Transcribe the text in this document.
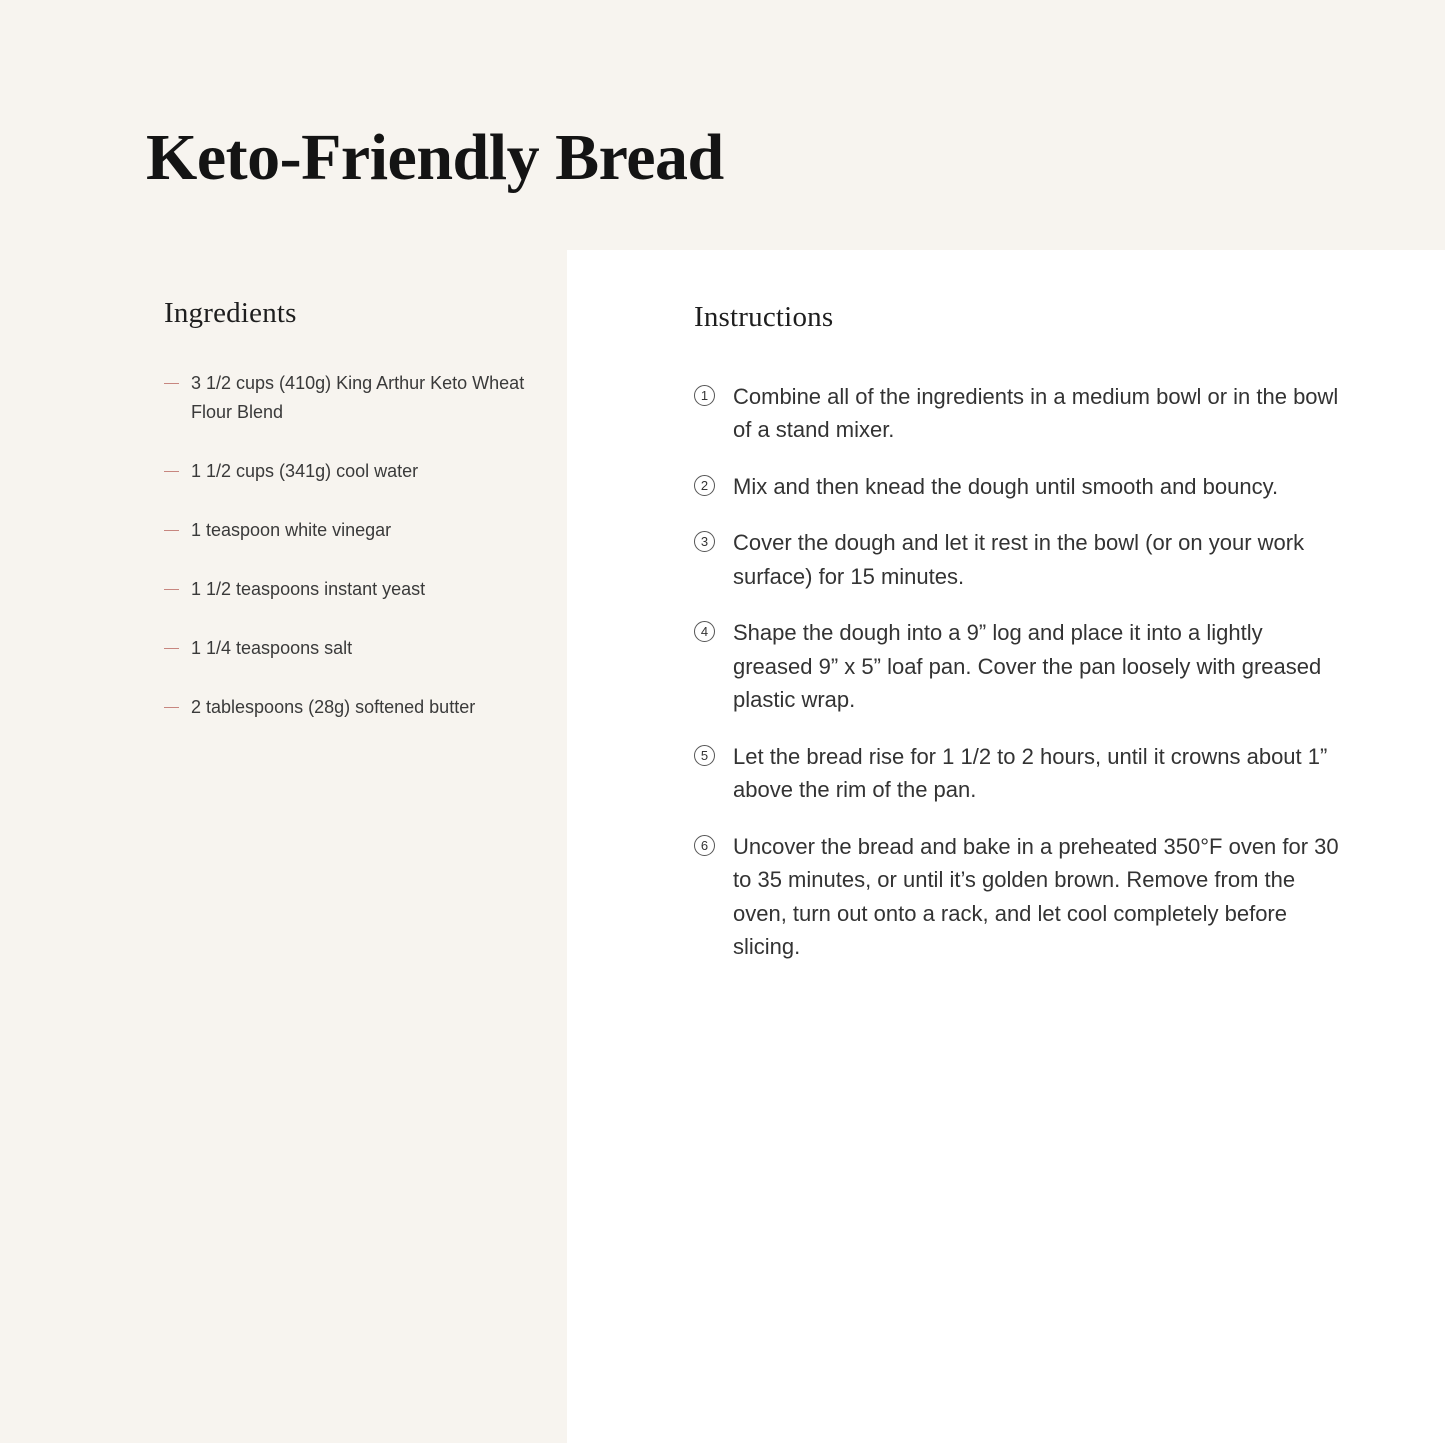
Keto-Friendly Bread
Ingredients
3 1/2 cups (410g) King Arthur Keto Wheat Flour Blend
1 1/2 cups (341g) cool water
1 teaspoon white vinegar
1 1/2 teaspoons instant yeast
1 1/4 teaspoons salt
2 tablespoons (28g) softened butter
Instructions
1	Combine all of the ingredients in a medium bowl or in the bowl of a stand mixer.
2	Mix and then knead the dough until smooth and bouncy.
3	Cover the dough and let it rest in the bowl (or on your work surface) for 15 minutes.
4	Shape the dough into a 9” log and place it into a lightly greased 9” x 5” loaf pan. Cover the pan loosely with greased plastic wrap.
5	Let the bread rise for 1 1/2 to 2 hours, until it crowns about 1” above the rim of the pan.
6	Uncover the bread and bake in a preheated 350°F oven for 30 to 35 minutes, or until it’s golden brown. Remove from the oven, turn out onto a rack, and let cool completely before slicing.
